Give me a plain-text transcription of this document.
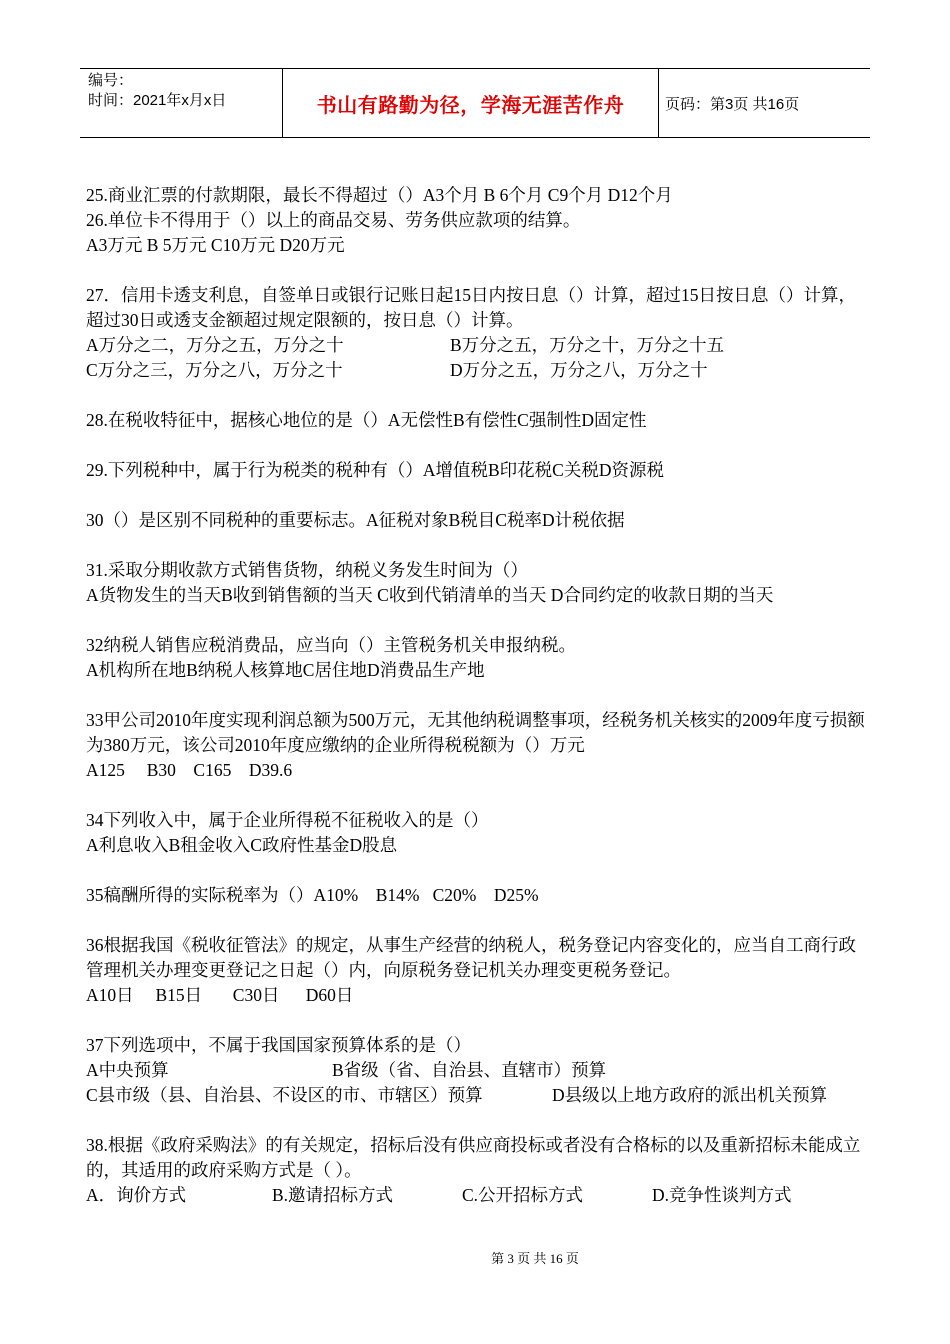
编号：
时间：2021年x月x日	书山有路勤为径，学海无涯苦作舟	页码：第3页 共16页
25.商业汇票的付款期限，最长不得超过（）A3个月 B 6个月 C9个月 D12个月
26.单位卡不得用于（）以上的商品交易、劳务供应款项的结算。
A3万元 B 5万元 C10万元 D20万元
27．信用卡透支利息，自签单日或银行记账日起15日内按日息（）计算，超过15日按日息（）计算，超过30日或透支金额超过规定限额的，按日息（）计算。
A万分之二，万分之五，万分之十	B万分之五，万分之十，万分之十五
C万分之三，万分之八，万分之十	D万分之五，万分之八，万分之十
28.在税收特征中，据核心地位的是（）A无偿性B有偿性C强制性D固定性
29.下列税种中，属于行为税类的税种有（）A增值税B印花税C关税D资源税
30（）是区别不同税种的重要标志。A征税对象B税目C税率D计税依据
31.采取分期收款方式销售货物，纳税义务发生时间为（）
A货物发生的当天B收到销售额的当天 C收到代销清单的当天 D合同约定的收款日期的当天
32纳税人销售应税消费品，应当向（）主管税务机关申报纳税。
A机构所在地B纳税人核算地C居住地D消费品生产地
33甲公司2010年度实现利润总额为500万元，无其他纳税调整事项，经税务机关核实的2009年度亏损额为380万元，该公司2010年度应缴纳的企业所得税税额为（）万元
A125     B30    C165    D39.6
34下列收入中，属于企业所得税不征税收入的是（）
A利息收入B租金收入C政府性基金D股息
35稿酬所得的实际税率为（）A10%    B14%   C20%    D25%
36根据我国《税收征管法》的规定，从事生产经营的纳税人，税务登记内容变化的，应当自工商行政管理机关办理变更登记之日起（）内，向原税务登记机关办理变更税务登记。
A10日     B15日       C30日      D60日
37下列选项中，不属于我国国家预算体系的是（）
A中央预算	B省级（省、自治县、直辖市）预算
C县市级（县、自治县、不设区的市、市辖区）预算	D县级以上地方政府的派出机关预算
38.根据《政府采购法》的有关规定，招标后没有供应商投标或者没有合格标的以及重新招标未能成立的，其适用的政府采购方式是（ ）。
A．询价方式	B.邀请招标方式	C.公开招标方式	D.竞争性谈判方式
第 3 页 共 16 页
